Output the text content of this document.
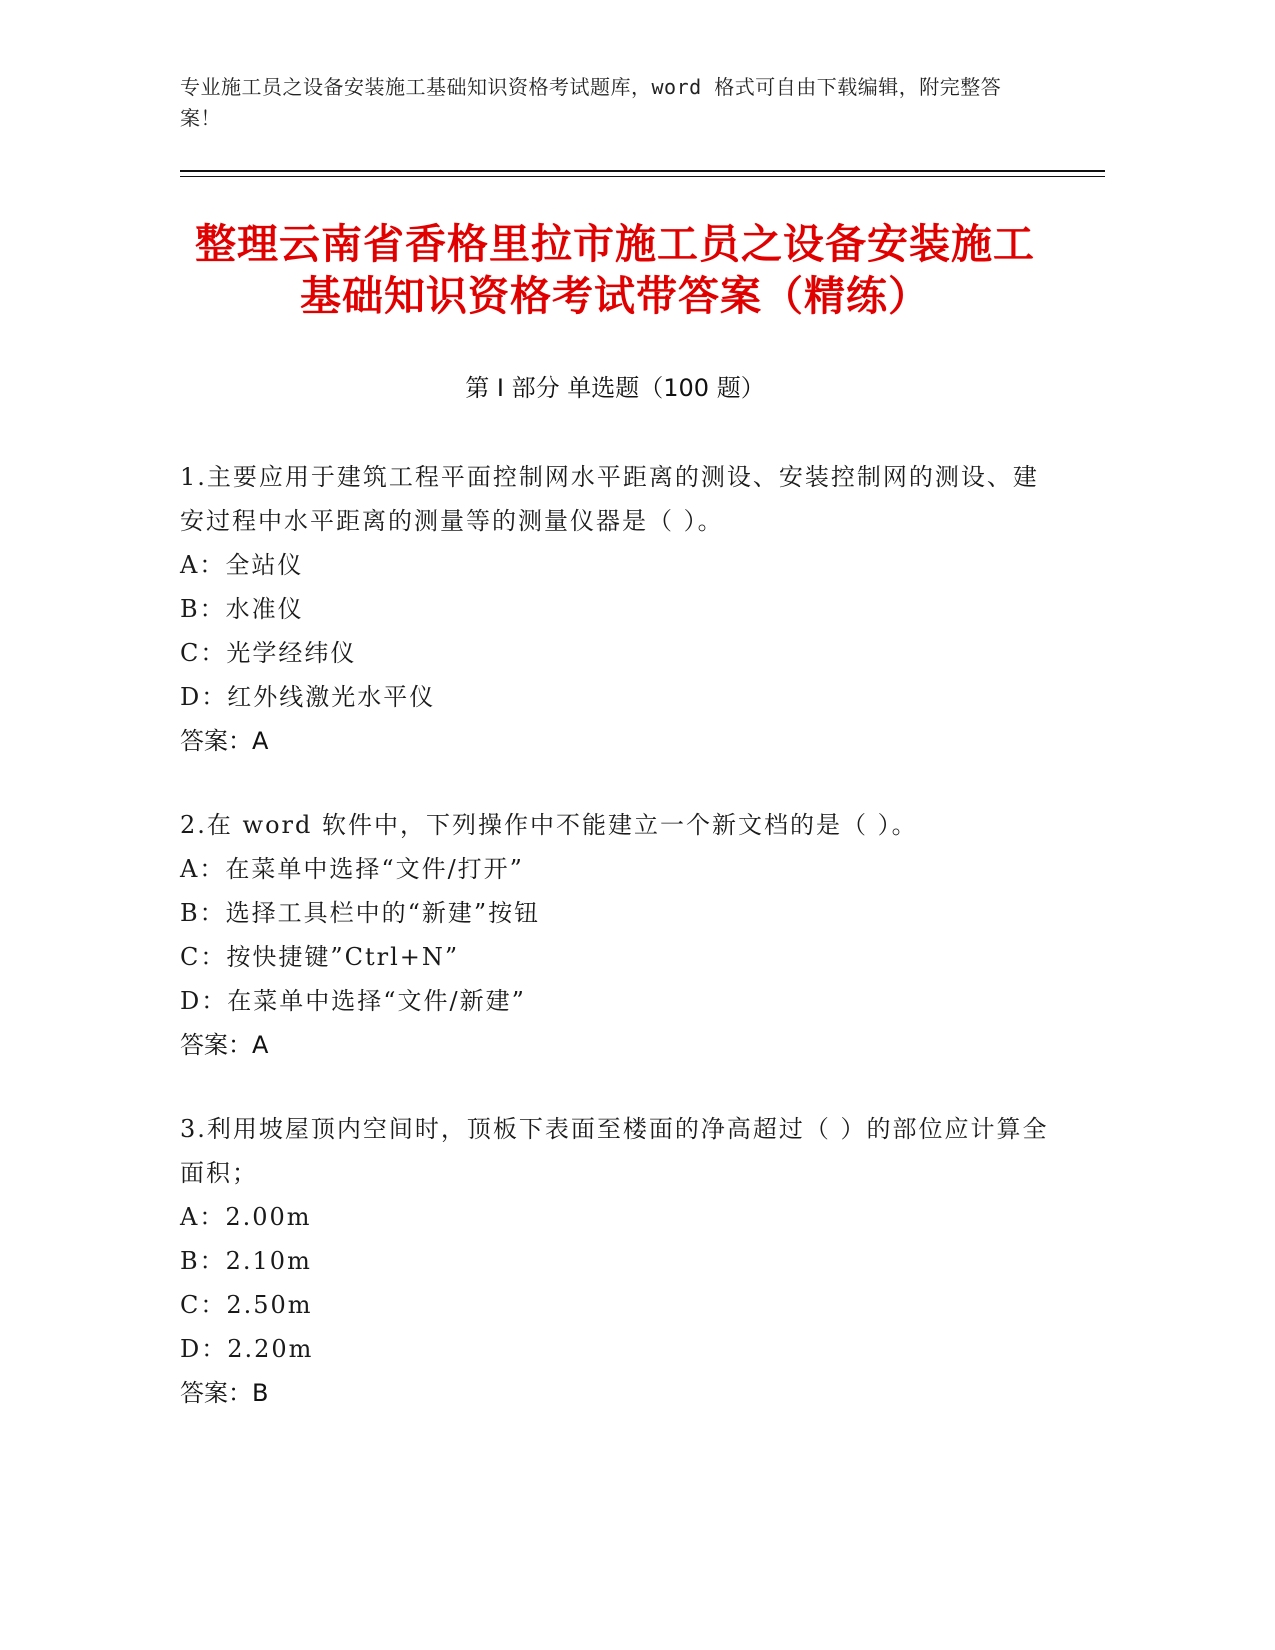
专业施工员之设备安装施工基础知识资格考试题库，word 格式可自由下载编辑，附完整答案！
整理云南省香格里拉市施工员之设备安装施工基础知识资格考试带答案（精练）
第 I 部分 单选题（100 题）
1.主要应用于建筑工程平面控制网水平距离的测设、安装控制网的测设、建安过程中水平距离的测量等的测量仪器是（ ）。
A：全站仪
B：水准仪
C：光学经纬仪
D：红外线激光水平仪
答案：A
2.在 word 软件中，下列操作中不能建立一个新文档的是（ ）。
A：在菜单中选择“文件/打开”
B：选择工具栏中的“新建”按钮
C：按快捷键”Ctrl+N”
D：在菜单中选择“文件/新建”
答案：A
3.利用坡屋顶内空间时，顶板下表面至楼面的净高超过（ ）的部位应计算全面积；
A：2.00m
B：2.10m
C：2.50m
D：2.20m
答案：B
